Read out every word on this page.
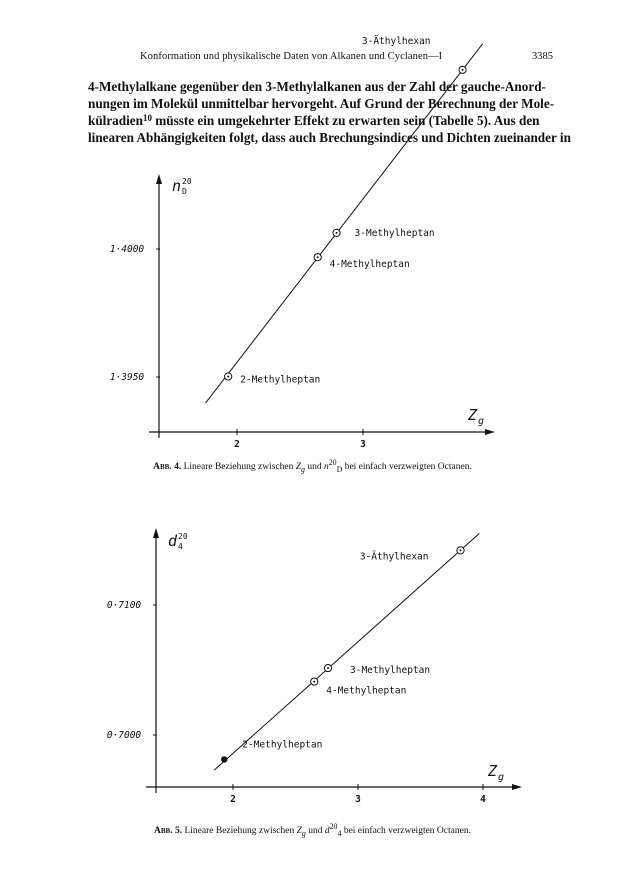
Konformation und physikalische Daten von Alkanen und Cyclanen—I	3385
4-Methylalkane gegenüber den 3-Methylalkanen aus der Zahl der gauche-Anord-
nungen im Molekül unmittelbar hervorgeht. Auf Grund der Berechnung der Mole-
külradien$^{10}$ müsste ein umgekehrter Effekt zu erwarten sein (Tabelle 5). Aus den
linearen Abhängigkeiten folgt, dass auch Brechungsindices und Dichten zueinander in
2	3
1·4000
1·3950
n 20
D
Z g
2-Methylheptan
4-Methylheptan
3-Methylheptan
3-Äthylhexan
2	3	4
0·7100
0·7000
d 20
4
Z g
2-Methylheptan
4-Methylheptan
3-Methylheptan
3-Äthylhexan
Abb. 4. Lineare Beziehung zwischen $Z_g$ und $n^{20}_D$ bei einfach verzweigten Octanen.
Abb. 5. Lineare Beziehung zwischen $Z_g$ und $d^{20}_4$ bei einfach verzweigten Octanen.
